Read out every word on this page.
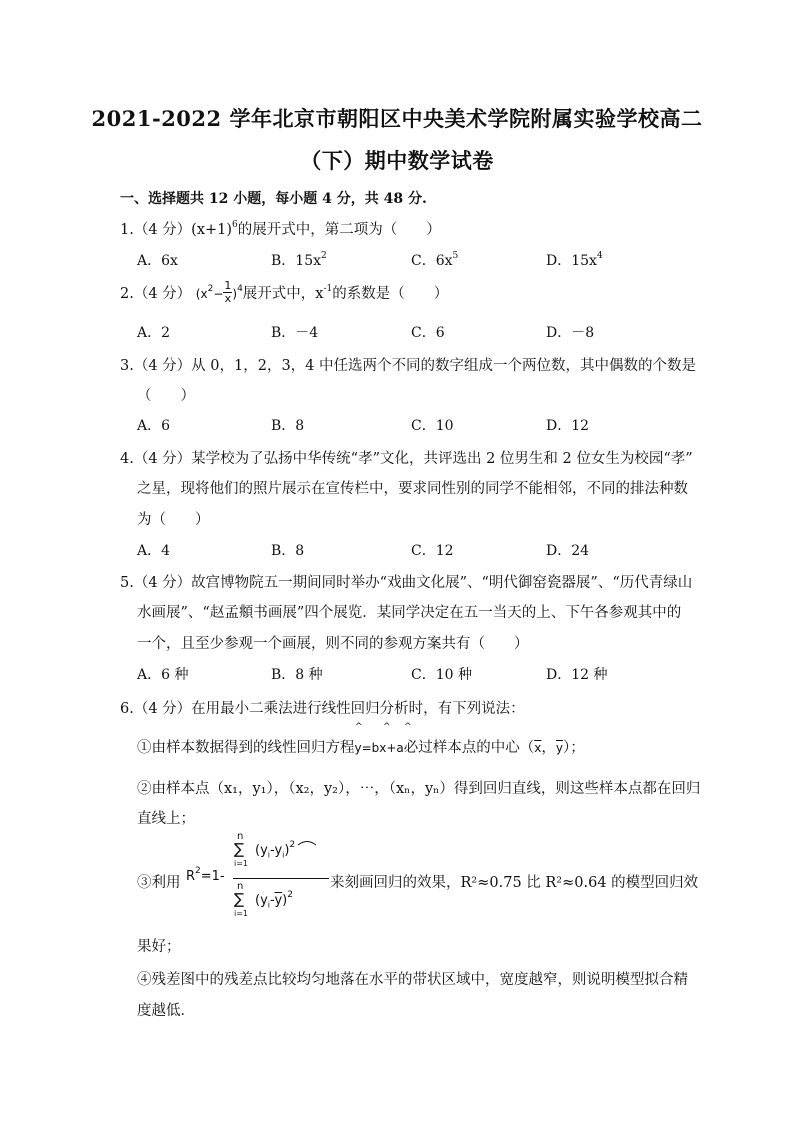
2021-2022 学年北京市朝阳区中央美术学院附属实验学校高二
（下）期中数学试卷
一、选择题共 12 小题，每小题 4 分，共 48 分.
1.（4 分）$(x+1)^6$的展开式中，第二项为（　　）
A．6x	B．$15x^2$	C．$6x^5$	D．$15x^4$
2.（4 分） $(x^2- \frac{1}{x} )^4$展开式中，$x^{-1}$的系数是（　　）
A．2	B．－4	C．6	D．－8
3.（4 分）从 0，1，2，3，4 中任选两个不同的数字组成一个两位数，其中偶数的个数是
（　　）
A．6	B．8	C．10	D．12
4.（4 分）某学校为了弘扬中华传统“孝”文化，共评选出 2 位男生和 2 位女生为校园“孝”
之星，现将他们的照片展示在宣传栏中，要求同性别的同学不能相邻，不同的排法种数
为（　　）
A．4	B．8	C．12	D．24
5.（4 分）故宫博物院五一期间同时举办“戏曲文化展”、“明代御窑瓷器展”、“历代青绿山
水画展”、“赵孟頫书画展”四个展览．某同学决定在五一当天的上、下午各参观其中的
一个，且至少参观一个画展，则不同的参观方案共有（　　）
A．6 种	B．8 种	C．10 种	D．12 种
6.（4 分）在用最小二乘法进行线性回归分析时，有下列说法：
①由样本数据得到的线性回归方程y=bx+a必过样本点的中心（$\overline{x}$，$\overline{y}$）；
^ ^ ^
②由样本点（x₁，y₁），（x₂，y₂），⋯，（xₙ，yₙ）得到回归直线，则这些样本点都在回归
直线上；
③利用 $R^2=1-$
n
∑
i=1
$(y_i-y_i)^2$
n
∑
i=1
$(y_i-\overline{y})^2$
来刻画回归的效果，R²≈0.75 比 R²≈0.64 的模型回归效
果好；
④残差图中的残差点比较均匀地落在水平的带状区域中，宽度越窄，则说明模型拟合精
度越低．
